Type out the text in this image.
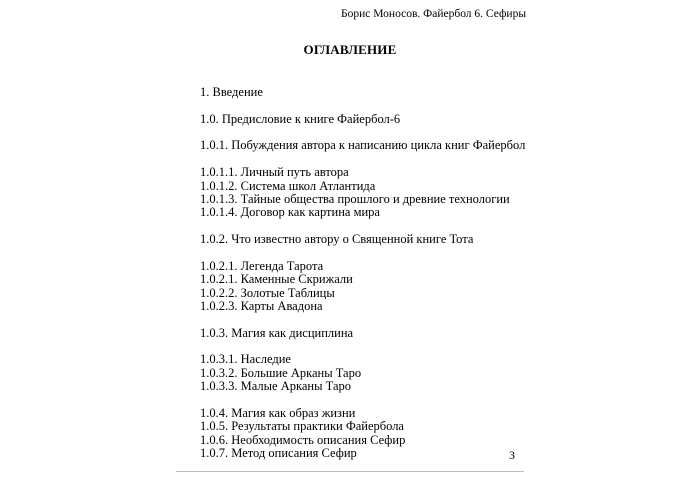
Борис Моносов. Файербол 6. Сефиры
ОГЛАВЛЕНИЕ
1. Введение
1.0. Предисловие к книге Файербол-6
1.0.1. Побуждения автора к написанию цикла книг Файербол
1.0.1.1. Личный путь автора
1.0.1.2. Система школ Атлантида
1.0.1.3. Тайные общества прошлого и древние технологии
1.0.1.4. Договор как картина мира
1.0.2. Что известно автору о Священной книге Тота
1.0.2.1. Легенда Тарота
1.0.2.1. Каменные Скрижали
1.0.2.2. Золотые Таблицы
1.0.2.3. Карты Авадона
1.0.3. Магия как дисциплина
1.0.3.1. Наследие
1.0.3.2. Большие Арканы Таро
1.0.3.3. Малые Арканы Таро
1.0.4. Магия как образ жизни
1.0.5. Результаты практики Файербола
1.0.6. Необходимость описания Сефир
1.0.7. Метод описания Сефир	3
